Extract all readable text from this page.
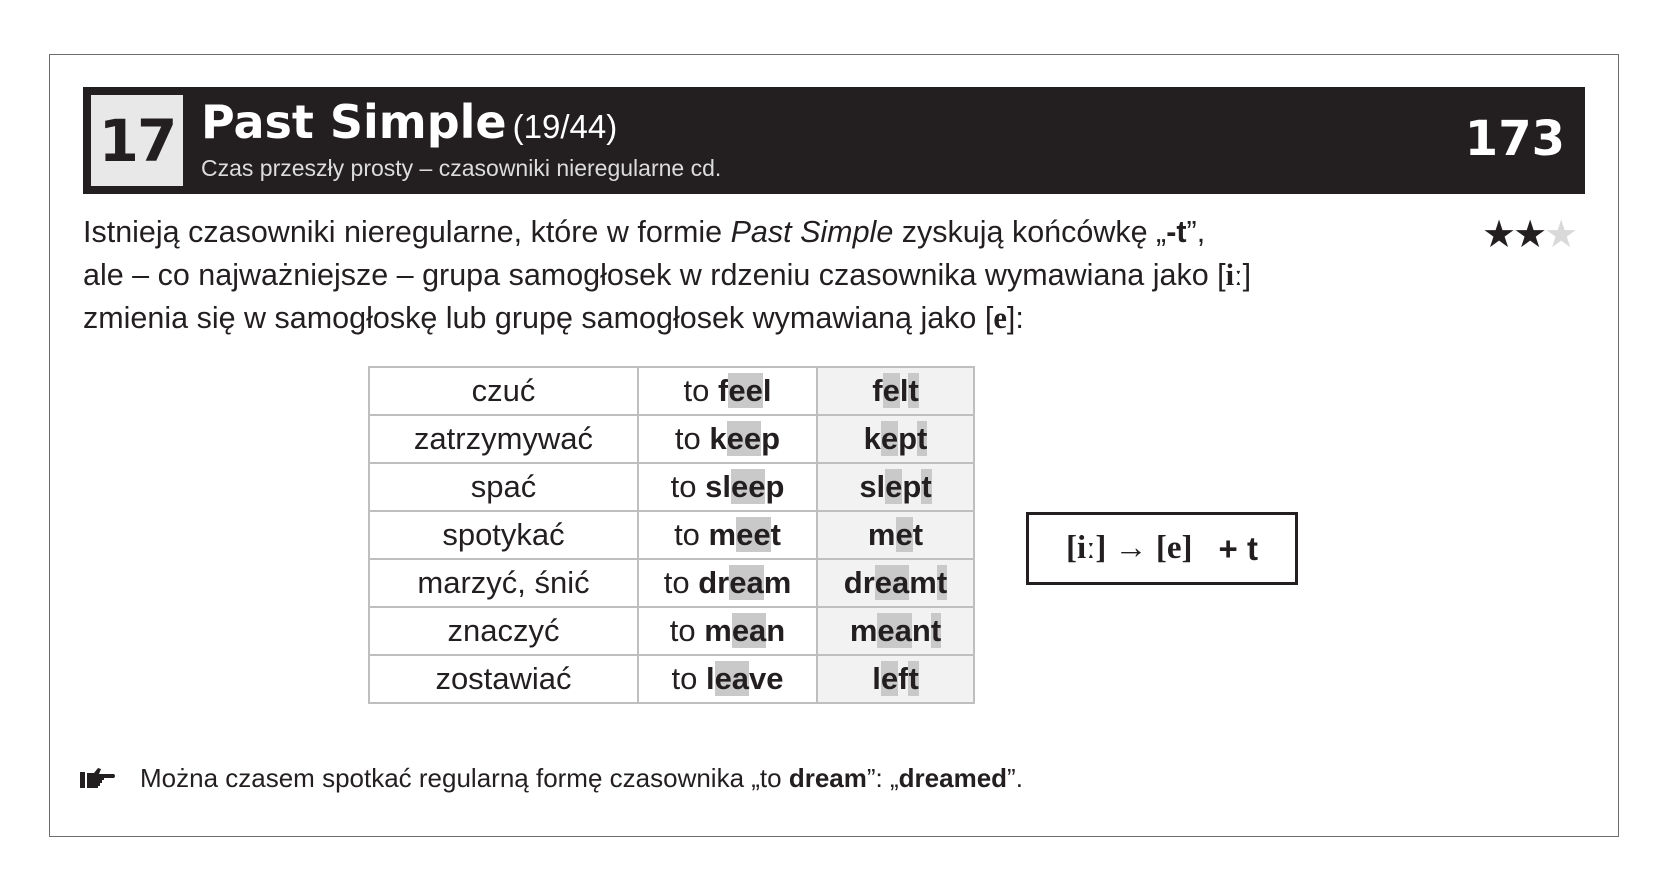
17 Past Simple (19/44)
Czas przeszły prosty – czasowniki nieregularne cd.
173

Istnieją czasowniki nieregularne, które w formie Past Simple zyskują końcówkę „-t”,

ale – co najważniejsze – grupa samogłosek w rdzeniu czasownika wymawiana jako [iː]

zmienia się w samogłoskę lub grupę samogłosek wymawianą jako [e]:

★★★
czuć	to feel	felt
zatrzymywać	to keep	kept
spać	to sleep	slept
spotykać	to meet	met
marzyć, śnić	to dream	dreamt
znaczyć	to mean	meant
zostawiać	to leave	left
[iː]
→
[e] + t
Można czasem spotkać regularną formę czasownika „to dream”: „dreamed”.
